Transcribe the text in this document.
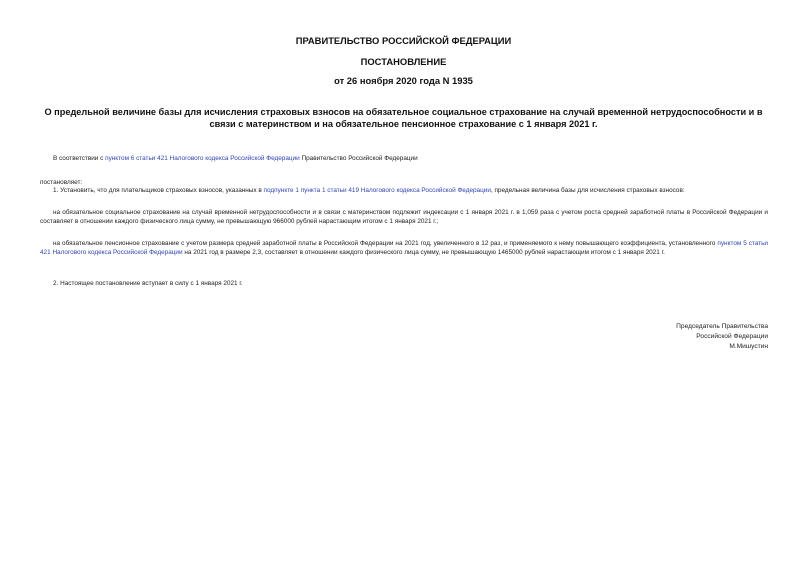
ПРАВИТЕЛЬСТВО РОССИЙСКОЙ ФЕДЕРАЦИИ
ПОСТАНОВЛЕНИЕ
от 26 ноября 2020 года N 1935
О предельной величине базы для исчисления страховых взносов на обязательное социальное страхование на случай временной нетрудоспособности и в связи с материнством и на обязательное пенсионное страхование с 1 января 2021 г.
В соответствии с пунктом 6 статьи 421 Налогового кодекса Российской Федерации Правительство Российской Федерации
постановляет:
1. Установить, что для плательщиков страховых взносов, указанных в подпункте 1 пункта 1 статьи 419 Налогового кодекса Российской Федерации, предельная величина базы для исчисления страховых взносов:
на обязательное социальное страхование на случай временной нетрудоспособности и в связи с материнством подлежит индексации с 1 января 2021 г. в 1,059 раза с учетом роста средней заработной платы в Российской Федерации и составляет в отношении каждого физического лица сумму, не превышающую 966000 рублей нарастающим итогом с 1 января 2021 г.;
на обязательное пенсионное страхование с учетом размера средней заработной платы в Российской Федерации на 2021 год, увеличенного в 12 раз, и применяемого к нему повышающего коэффициента, установленного пунктом 5 статьи 421 Налогового кодекса Российской Федерации на 2021 год в размере 2,3, составляет в отношении каждого физического лица сумму, не превышающую 1465000 рублей нарастающим итогом с 1 января 2021 г.
2. Настоящее постановление вступает в силу с 1 января 2021 г.
Председатель Правительства
Российской Федерации
М.Мишустин
